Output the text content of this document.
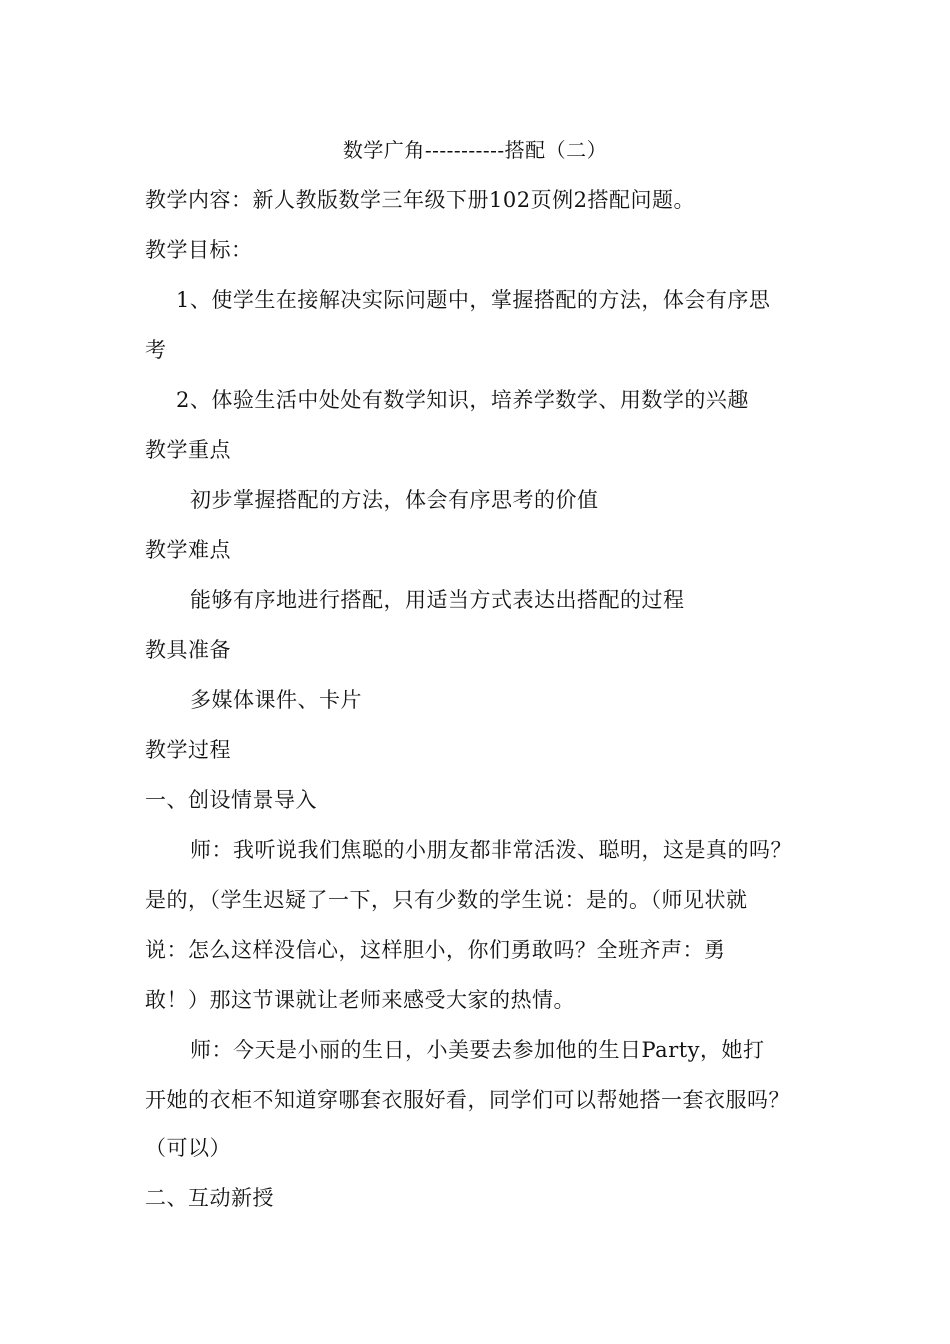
数学广角-----------搭配（二）
教学内容：新人教版数学三年级下册102页例2搭配问题。
教学目标：
1、使学生在接解决实际问题中，掌握搭配的方法，体会有序思
考
2、体验生活中处处有数学知识，培养学数学、用数学的兴趣
教学重点
初步掌握搭配的方法，体会有序思考的价值
教学难点
能够有序地进行搭配，用适当方式表达出搭配的过程
教具准备
多媒体课件、卡片
教学过程
一、创设情景导入
师：我听说我们焦聪的小朋友都非常活泼、聪明，这是真的吗？
是的，（学生迟疑了一下，只有少数的学生说：是的。（师见状就
说：怎么这样没信心，这样胆小，你们勇敢吗？全班齐声：勇
敢！）那这节课就让老师来感受大家的热情。
师：今天是小丽的生日，小美要去参加他的生日Party，她打
开她的衣柜不知道穿哪套衣服好看，同学们可以帮她搭一套衣服吗？
（可以）
二、互动新授
